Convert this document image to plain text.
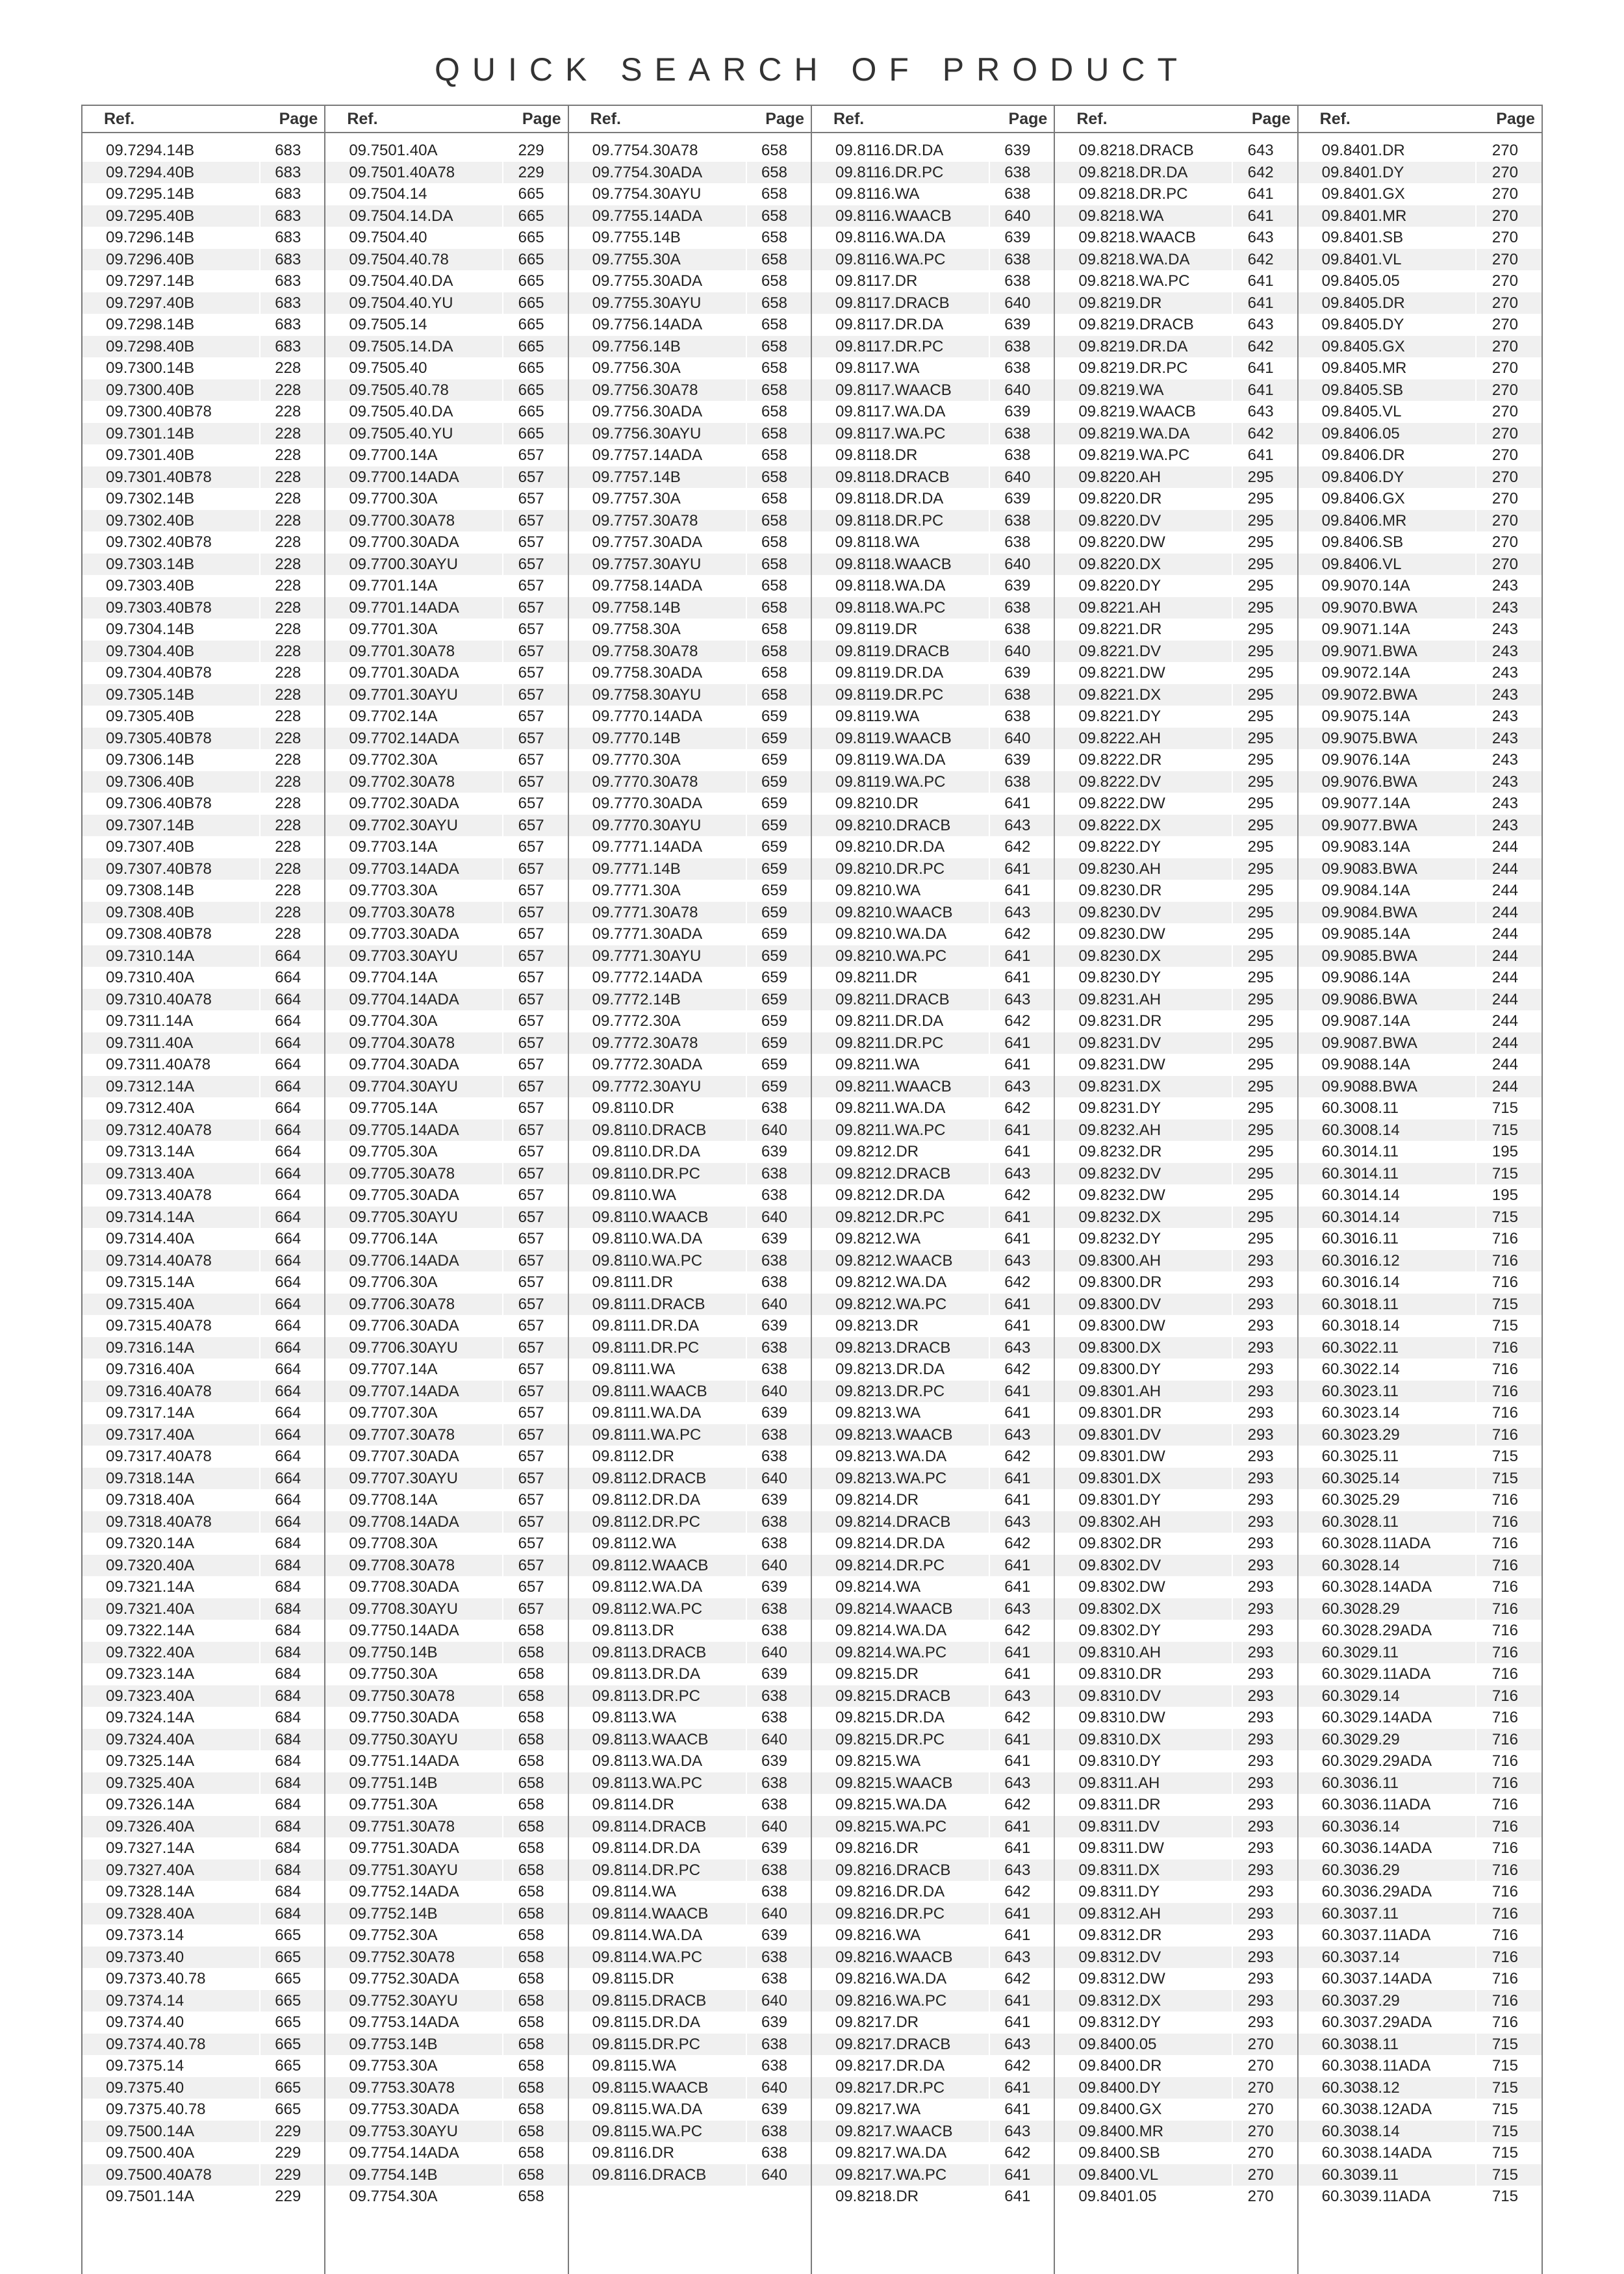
QUICK SEARCH OF PRODUCT
Ref.	Page
09.7294.14B	683
09.7294.40B	683
09.7295.14B	683
09.7295.40B	683
09.7296.14B	683
09.7296.40B	683
09.7297.14B	683
09.7297.40B	683
09.7298.14B	683
09.7298.40B	683
09.7300.14B	228
09.7300.40B	228
09.7300.40B78	228
09.7301.14B	228
09.7301.40B	228
09.7301.40B78	228
09.7302.14B	228
09.7302.40B	228
09.7302.40B78	228
09.7303.14B	228
09.7303.40B	228
09.7303.40B78	228
09.7304.14B	228
09.7304.40B	228
09.7304.40B78	228
09.7305.14B	228
09.7305.40B	228
09.7305.40B78	228
09.7306.14B	228
09.7306.40B	228
09.7306.40B78	228
09.7307.14B	228
09.7307.40B	228
09.7307.40B78	228
09.7308.14B	228
09.7308.40B	228
09.7308.40B78	228
09.7310.14A	664
09.7310.40A	664
09.7310.40A78	664
09.7311.14A	664
09.7311.40A	664
09.7311.40A78	664
09.7312.14A	664
09.7312.40A	664
09.7312.40A78	664
09.7313.14A	664
09.7313.40A	664
09.7313.40A78	664
09.7314.14A	664
09.7314.40A	664
09.7314.40A78	664
09.7315.14A	664
09.7315.40A	664
09.7315.40A78	664
09.7316.14A	664
09.7316.40A	664
09.7316.40A78	664
09.7317.14A	664
09.7317.40A	664
09.7317.40A78	664
09.7318.14A	664
09.7318.40A	664
09.7318.40A78	664
09.7320.14A	684
09.7320.40A	684
09.7321.14A	684
09.7321.40A	684
09.7322.14A	684
09.7322.40A	684
09.7323.14A	684
09.7323.40A	684
09.7324.14A	684
09.7324.40A	684
09.7325.14A	684
09.7325.40A	684
09.7326.14A	684
09.7326.40A	684
09.7327.14A	684
09.7327.40A	684
09.7328.14A	684
09.7328.40A	684
09.7373.14	665
09.7373.40	665
09.7373.40.78	665
09.7374.14	665
09.7374.40	665
09.7374.40.78	665
09.7375.14	665
09.7375.40	665
09.7375.40.78	665
09.7500.14A	229
09.7500.40A	229
09.7500.40A78	229
09.7501.14A	229
Ref.	Page
09.7501.40A	229
09.7501.40A78	229
09.7504.14	665
09.7504.14.DA	665
09.7504.40	665
09.7504.40.78	665
09.7504.40.DA	665
09.7504.40.YU	665
09.7505.14	665
09.7505.14.DA	665
09.7505.40	665
09.7505.40.78	665
09.7505.40.DA	665
09.7505.40.YU	665
09.7700.14A	657
09.7700.14ADA	657
09.7700.30A	657
09.7700.30A78	657
09.7700.30ADA	657
09.7700.30AYU	657
09.7701.14A	657
09.7701.14ADA	657
09.7701.30A	657
09.7701.30A78	657
09.7701.30ADA	657
09.7701.30AYU	657
09.7702.14A	657
09.7702.14ADA	657
09.7702.30A	657
09.7702.30A78	657
09.7702.30ADA	657
09.7702.30AYU	657
09.7703.14A	657
09.7703.14ADA	657
09.7703.30A	657
09.7703.30A78	657
09.7703.30ADA	657
09.7703.30AYU	657
09.7704.14A	657
09.7704.14ADA	657
09.7704.30A	657
09.7704.30A78	657
09.7704.30ADA	657
09.7704.30AYU	657
09.7705.14A	657
09.7705.14ADA	657
09.7705.30A	657
09.7705.30A78	657
09.7705.30ADA	657
09.7705.30AYU	657
09.7706.14A	657
09.7706.14ADA	657
09.7706.30A	657
09.7706.30A78	657
09.7706.30ADA	657
09.7706.30AYU	657
09.7707.14A	657
09.7707.14ADA	657
09.7707.30A	657
09.7707.30A78	657
09.7707.30ADA	657
09.7707.30AYU	657
09.7708.14A	657
09.7708.14ADA	657
09.7708.30A	657
09.7708.30A78	657
09.7708.30ADA	657
09.7708.30AYU	657
09.7750.14ADA	658
09.7750.14B	658
09.7750.30A	658
09.7750.30A78	658
09.7750.30ADA	658
09.7750.30AYU	658
09.7751.14ADA	658
09.7751.14B	658
09.7751.30A	658
09.7751.30A78	658
09.7751.30ADA	658
09.7751.30AYU	658
09.7752.14ADA	658
09.7752.14B	658
09.7752.30A	658
09.7752.30A78	658
09.7752.30ADA	658
09.7752.30AYU	658
09.7753.14ADA	658
09.7753.14B	658
09.7753.30A	658
09.7753.30A78	658
09.7753.30ADA	658
09.7753.30AYU	658
09.7754.14ADA	658
09.7754.14B	658
09.7754.30A	658
Ref.	Page
09.7754.30A78	658
09.7754.30ADA	658
09.7754.30AYU	658
09.7755.14ADA	658
09.7755.14B	658
09.7755.30A	658
09.7755.30ADA	658
09.7755.30AYU	658
09.7756.14ADA	658
09.7756.14B	658
09.7756.30A	658
09.7756.30A78	658
09.7756.30ADA	658
09.7756.30AYU	658
09.7757.14ADA	658
09.7757.14B	658
09.7757.30A	658
09.7757.30A78	658
09.7757.30ADA	658
09.7757.30AYU	658
09.7758.14ADA	658
09.7758.14B	658
09.7758.30A	658
09.7758.30A78	658
09.7758.30ADA	658
09.7758.30AYU	658
09.7770.14ADA	659
09.7770.14B	659
09.7770.30A	659
09.7770.30A78	659
09.7770.30ADA	659
09.7770.30AYU	659
09.7771.14ADA	659
09.7771.14B	659
09.7771.30A	659
09.7771.30A78	659
09.7771.30ADA	659
09.7771.30AYU	659
09.7772.14ADA	659
09.7772.14B	659
09.7772.30A	659
09.7772.30A78	659
09.7772.30ADA	659
09.7772.30AYU	659
09.8110.DR	638
09.8110.DRACB	640
09.8110.DR.DA	639
09.8110.DR.PC	638
09.8110.WA	638
09.8110.WAACB	640
09.8110.WA.DA	639
09.8110.WA.PC	638
09.8111.DR	638
09.8111.DRACB	640
09.8111.DR.DA	639
09.8111.DR.PC	638
09.8111.WA	638
09.8111.WAACB	640
09.8111.WA.DA	639
09.8111.WA.PC	638
09.8112.DR	638
09.8112.DRACB	640
09.8112.DR.DA	639
09.8112.DR.PC	638
09.8112.WA	638
09.8112.WAACB	640
09.8112.WA.DA	639
09.8112.WA.PC	638
09.8113.DR	638
09.8113.DRACB	640
09.8113.DR.DA	639
09.8113.DR.PC	638
09.8113.WA	638
09.8113.WAACB	640
09.8113.WA.DA	639
09.8113.WA.PC	638
09.8114.DR	638
09.8114.DRACB	640
09.8114.DR.DA	639
09.8114.DR.PC	638
09.8114.WA	638
09.8114.WAACB	640
09.8114.WA.DA	639
09.8114.WA.PC	638
09.8115.DR	638
09.8115.DRACB	640
09.8115.DR.DA	639
09.8115.DR.PC	638
09.8115.WA	638
09.8115.WAACB	640
09.8115.WA.DA	639
09.8115.WA.PC	638
09.8116.DR	638
09.8116.DRACB	640
Ref.	Page
09.8116.DR.DA	639
09.8116.DR.PC	638
09.8116.WA	638
09.8116.WAACB	640
09.8116.WA.DA	639
09.8116.WA.PC	638
09.8117.DR	638
09.8117.DRACB	640
09.8117.DR.DA	639
09.8117.DR.PC	638
09.8117.WA	638
09.8117.WAACB	640
09.8117.WA.DA	639
09.8117.WA.PC	638
09.8118.DR	638
09.8118.DRACB	640
09.8118.DR.DA	639
09.8118.DR.PC	638
09.8118.WA	638
09.8118.WAACB	640
09.8118.WA.DA	639
09.8118.WA.PC	638
09.8119.DR	638
09.8119.DRACB	640
09.8119.DR.DA	639
09.8119.DR.PC	638
09.8119.WA	638
09.8119.WAACB	640
09.8119.WA.DA	639
09.8119.WA.PC	638
09.8210.DR	641
09.8210.DRACB	643
09.8210.DR.DA	642
09.8210.DR.PC	641
09.8210.WA	641
09.8210.WAACB	643
09.8210.WA.DA	642
09.8210.WA.PC	641
09.8211.DR	641
09.8211.DRACB	643
09.8211.DR.DA	642
09.8211.DR.PC	641
09.8211.WA	641
09.8211.WAACB	643
09.8211.WA.DA	642
09.8211.WA.PC	641
09.8212.DR	641
09.8212.DRACB	643
09.8212.DR.DA	642
09.8212.DR.PC	641
09.8212.WA	641
09.8212.WAACB	643
09.8212.WA.DA	642
09.8212.WA.PC	641
09.8213.DR	641
09.8213.DRACB	643
09.8213.DR.DA	642
09.8213.DR.PC	641
09.8213.WA	641
09.8213.WAACB	643
09.8213.WA.DA	642
09.8213.WA.PC	641
09.8214.DR	641
09.8214.DRACB	643
09.8214.DR.DA	642
09.8214.DR.PC	641
09.8214.WA	641
09.8214.WAACB	643
09.8214.WA.DA	642
09.8214.WA.PC	641
09.8215.DR	641
09.8215.DRACB	643
09.8215.DR.DA	642
09.8215.DR.PC	641
09.8215.WA	641
09.8215.WAACB	643
09.8215.WA.DA	642
09.8215.WA.PC	641
09.8216.DR	641
09.8216.DRACB	643
09.8216.DR.DA	642
09.8216.DR.PC	641
09.8216.WA	641
09.8216.WAACB	643
09.8216.WA.DA	642
09.8216.WA.PC	641
09.8217.DR	641
09.8217.DRACB	643
09.8217.DR.DA	642
09.8217.DR.PC	641
09.8217.WA	641
09.8217.WAACB	643
09.8217.WA.DA	642
09.8217.WA.PC	641
09.8218.DR	641
Ref.	Page
09.8218.DRACB	643
09.8218.DR.DA	642
09.8218.DR.PC	641
09.8218.WA	641
09.8218.WAACB	643
09.8218.WA.DA	642
09.8218.WA.PC	641
09.8219.DR	641
09.8219.DRACB	643
09.8219.DR.DA	642
09.8219.DR.PC	641
09.8219.WA	641
09.8219.WAACB	643
09.8219.WA.DA	642
09.8219.WA.PC	641
09.8220.AH	295
09.8220.DR	295
09.8220.DV	295
09.8220.DW	295
09.8220.DX	295
09.8220.DY	295
09.8221.AH	295
09.8221.DR	295
09.8221.DV	295
09.8221.DW	295
09.8221.DX	295
09.8221.DY	295
09.8222.AH	295
09.8222.DR	295
09.8222.DV	295
09.8222.DW	295
09.8222.DX	295
09.8222.DY	295
09.8230.AH	295
09.8230.DR	295
09.8230.DV	295
09.8230.DW	295
09.8230.DX	295
09.8230.DY	295
09.8231.AH	295
09.8231.DR	295
09.8231.DV	295
09.8231.DW	295
09.8231.DX	295
09.8231.DY	295
09.8232.AH	295
09.8232.DR	295
09.8232.DV	295
09.8232.DW	295
09.8232.DX	295
09.8232.DY	295
09.8300.AH	293
09.8300.DR	293
09.8300.DV	293
09.8300.DW	293
09.8300.DX	293
09.8300.DY	293
09.8301.AH	293
09.8301.DR	293
09.8301.DV	293
09.8301.DW	293
09.8301.DX	293
09.8301.DY	293
09.8302.AH	293
09.8302.DR	293
09.8302.DV	293
09.8302.DW	293
09.8302.DX	293
09.8302.DY	293
09.8310.AH	293
09.8310.DR	293
09.8310.DV	293
09.8310.DW	293
09.8310.DX	293
09.8310.DY	293
09.8311.AH	293
09.8311.DR	293
09.8311.DV	293
09.8311.DW	293
09.8311.DX	293
09.8311.DY	293
09.8312.AH	293
09.8312.DR	293
09.8312.DV	293
09.8312.DW	293
09.8312.DX	293
09.8312.DY	293
09.8400.05	270
09.8400.DR	270
09.8400.DY	270
09.8400.GX	270
09.8400.MR	270
09.8400.SB	270
09.8400.VL	270
09.8401.05	270
Ref.	Page
09.8401.DR	270
09.8401.DY	270
09.8401.GX	270
09.8401.MR	270
09.8401.SB	270
09.8401.VL	270
09.8405.05	270
09.8405.DR	270
09.8405.DY	270
09.8405.GX	270
09.8405.MR	270
09.8405.SB	270
09.8405.VL	270
09.8406.05	270
09.8406.DR	270
09.8406.DY	270
09.8406.GX	270
09.8406.MR	270
09.8406.SB	270
09.8406.VL	270
09.9070.14A	243
09.9070.BWA	243
09.9071.14A	243
09.9071.BWA	243
09.9072.14A	243
09.9072.BWA	243
09.9075.14A	243
09.9075.BWA	243
09.9076.14A	243
09.9076.BWA	243
09.9077.14A	243
09.9077.BWA	243
09.9083.14A	244
09.9083.BWA	244
09.9084.14A	244
09.9084.BWA	244
09.9085.14A	244
09.9085.BWA	244
09.9086.14A	244
09.9086.BWA	244
09.9087.14A	244
09.9087.BWA	244
09.9088.14A	244
09.9088.BWA	244
60.3008.11	715
60.3008.14	715
60.3014.11	195
60.3014.11	715
60.3014.14	195
60.3014.14	715
60.3016.11	716
60.3016.12	716
60.3016.14	716
60.3018.11	715
60.3018.14	715
60.3022.11	716
60.3022.14	716
60.3023.11	716
60.3023.14	716
60.3023.29	716
60.3025.11	715
60.3025.14	715
60.3025.29	716
60.3028.11	716
60.3028.11ADA	716
60.3028.14	716
60.3028.14ADA	716
60.3028.29	716
60.3028.29ADA	716
60.3029.11	716
60.3029.11ADA	716
60.3029.14	716
60.3029.14ADA	716
60.3029.29	716
60.3029.29ADA	716
60.3036.11	716
60.3036.11ADA	716
60.3036.14	716
60.3036.14ADA	716
60.3036.29	716
60.3036.29ADA	716
60.3037.11	716
60.3037.11ADA	716
60.3037.14	716
60.3037.14ADA	716
60.3037.29	716
60.3037.29ADA	716
60.3038.11	715
60.3038.11ADA	715
60.3038.12	715
60.3038.12ADA	715
60.3038.14	715
60.3038.14ADA	715
60.3039.11	715
60.3039.11ADA	715
